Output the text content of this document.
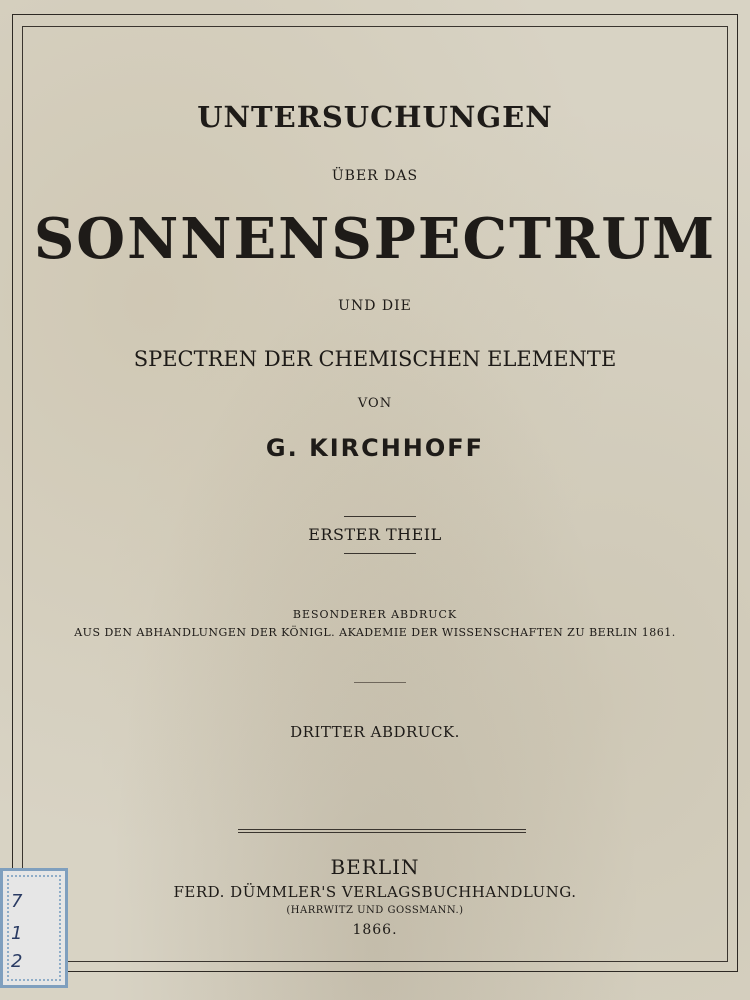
UNTERSUCHUNGEN
ÜBER DAS
SONNENSPECTRUM
UND DIE
SPECTREN DER CHEMISCHEN ELEMENTE
VON
G. KIRCHHOFF
ERSTER THEIL
BESONDERER ABDRUCK
AUS DEN ABHANDLUNGEN DER KÖNIGL. AKADEMIE DER WISSENSCHAFTEN ZU BERLIN 1861.
DRITTER ABDRUCK.
BERLIN
FERD. DÜMMLER'S VERLAGSBUCHHANDLUNG.
(HARRWITZ UND GOSSMANN.)
1866.
7
1
2
